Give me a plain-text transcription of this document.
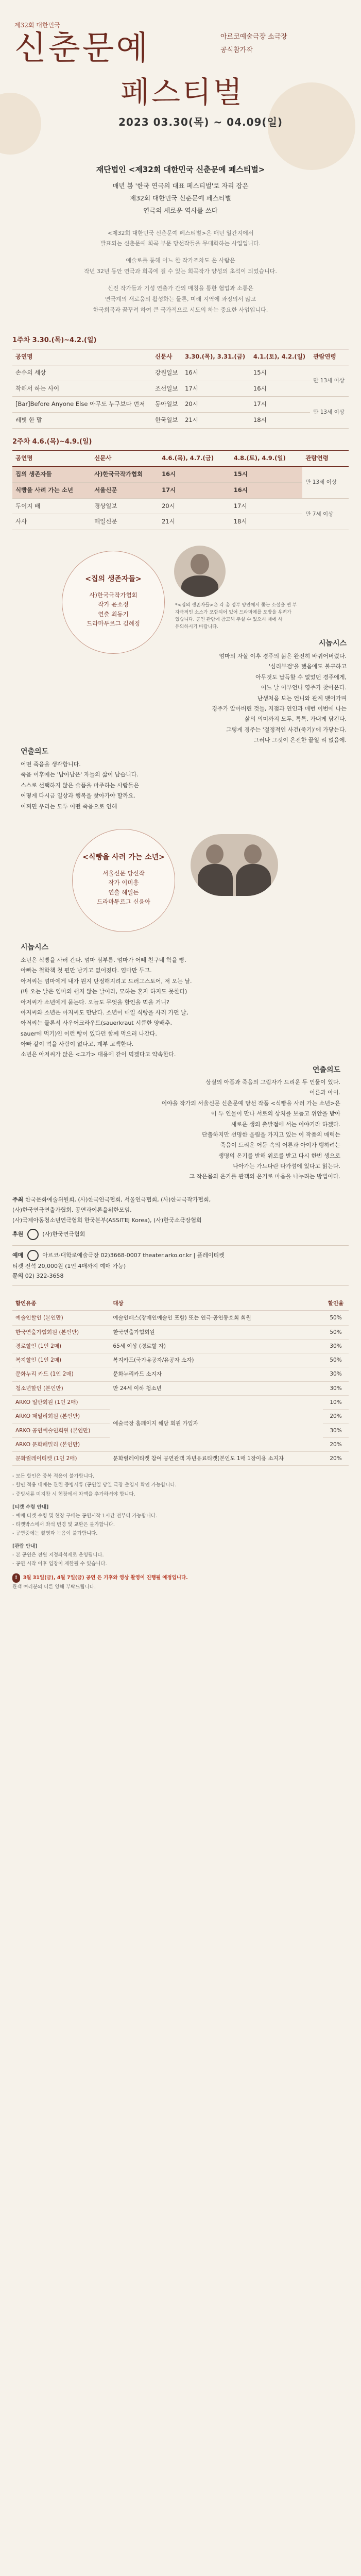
제32회 대한민국
신춘문예	아르코예술극장 소극장
공식참가작
페스티벌
2023 03.30(목) ~ 04.09(일)
재단법인 <제32회 대한민국 신춘문예 페스티벌>
매년 봄 '한국 연극의 대표 페스티벌'로 자리 잡은
제32회 대한민국 신춘문예 페스티벌
연극의 새로운 역사를 쓰다
<제32회 대한민국 신춘문예 페스티벌>은 매년 일간지에서
발표되는 신춘문예 희곡 부문 당선작들을 무대화하는 사업입니다.
예술로를 통해 어느 한 작가조차도 온 사람은
작년 32년 동안 연극과 희곡에 걸 수 있는 희곡작가 양성의 초석이 되었습니다.
신진 작가들과 기성 연출가 간의 매칭을 통한 협업과 소통은
연극계의 새로움의 활성화는 물론, 미래 지역에 과정의서 많고
한국희곡과 꿈꾸려 하여 큰 국가적으로 시도의 하는 중요한 사업입니다.
1주차 3.30.(목)~4.2.(일)
공연명	신문사	3.30.(목), 3.31.(금)	4.1.(토), 4.2.(일)	관람연령
손수의 세상	강원일보	16시	15시	만 13세 이상
착해서 하는 사이	조선일보	17시	16시	
[Bar]Before Anyone Else 아무도 누구보다 먼저	동아일보	20시	17시	만 13세 이상
레빗 한 말	한국일보	21시	18시	
2주차 4.6.(목)~4.9.(일)
공연명	신문사	4.6.(목), 4.7.(금)	4.8.(토), 4.9.(일)	관람연령
집의 생존자들	사)한국극작가협회	16시	15시	만 13세 이상
식빵을 사려 가는 소년	서울신문	17시	16시	
두이지 배	경상일보	20시	17시	만 7세 이상
사사	매일신문	21시	18시	
<집의 생존자들>
사)한국극작가협회
작가 윤소정
연출 최동기
드라마투르그 김혜정
*<집의 생존자들>은 각 총 정부 양안에서 쫓는 소설을 연 부
자극적인 소스가 포함되어 있어 드라마예를 포방을 우려가
있습니다. 공연 관람에 참고해 주실 수 있으시 때에 사
유의하시기 바랍니다.
시놉시스
엄마의 자살 이후 경주의 삶은 완전히 바뀌어버렸다.
'심리부검'을 했음에도 불구하고
아무것도 납득할 수 없었던 경주에게,
어느 날 이부언니 영주가 찾아온다.
난생처음 보는 언니와 관계 맺어가며
경주가 알아버린 것들, 지점과 연인과 매번 이번에 나는
삶의 의미까지 모두, 특특, 가내게 담긴다.
그렇게 경주는 '결정적인 사건(죽기)'에 가닿는다.
그러나 그것이 온전한 끝일 리 없음에.
연출의도
어떤 죽음을 생각합니다.
죽음 이후에는 '남아남은' 자들의 삶이 남습니다.
스스로 선택하지 않은 슬픔을 마주하는 사람들은
어떻게 다시금 일상과 행복을 찾아가야 할까요.
어쩌면 우리는 모두 어떤 죽음으로 인해
<식빵을 사려 가는 소년>
서울신문 당선작
작가 이미흥
연출 해일든
드라마투르그 신윤아
시놉시스
소년은 식빵을 사러 간다. 엄마 심부름. 엄마가 어빼 친구네 학을 빵.
아빠는 철학책 첫 편만 남기고 없어졌다. 엄마만 두고.
아저씨는 엄마에게 내가 뭔지 단정해지려고 드러그스토어, 저 오는 날.
(바 오는 날은 엄마의 쉽지 않는 날이라, 모하는 혼자 하지도 못한다)
아저씨가 소년에게 묻는다. 오늘도 무엇을 할인을 먹을 거니?
아저씨와 소년은 아저씨도 만난다. 소년이 매일 식빵을 사러 가던 날,
아저씨는 물론서 사우어크라우트(sauerkraut 시큼한 양배추,
sauer에 먹기)인 이런 빵이 있다던 함께 먹으러 나간다.
아빠 같이 먹을 사람이 없다고, 계부 고백한다.
소년은 아저씨가 앉은 <그가> 대용에 같이 먹겠다고 약속한다.
연출의도
상실의 아픔과 죽음의 그림자가 드리운 두 인물이 있다.
어른과 아이.
이야을 작가의 서울신문 신춘문예 당선 작품 <식빵을 사러 가는 소년>은
이 두 인물이 만나 서로의 상처를 보듬고 위안을 받아
새로운 생의 출발점에 서는 이야기라 하겠다.
단출하지만 선명한 울림을 가지고 있는 이 작품의 매력는
죽음이 드리운 어둠 속의 어른과 아이가 행하려는
생명의 온기를 받해 위로를 받고 다시 한번 생으로
나아가는 가느다란 다가섬에 있다고 읽는다.
그 작은몸의 온기를 관객의 온기로 마음을 나누려는 방법이다.
주최 한국문화예술위원회, (사)한국연극협회, 서울연극협회, (사)한국극작가협회,
(사)한국연극연출가협회, 공연과이론을위한모임,
(사)국제아동청소년연극협회 한국본부(ASSITEJ Korea), (사)한국소극장협회
후원	(사)한국연극협회
예매	아르코·대학로예술극장 02)3668-0007 theater.arko.or.kr | 플레이티켓
티켓 전석 20,000원 (1인 4매까지 예매 가능)
문의 02) 322-3658
할인유종	대상	할인율
예술인할인 (본인만)	예술인패스(장애인예술인 포함) 또는 연극·공연동호회 회원	50%
한국연출가협회원 (본인만)	한국연출가협회원	50%
경로할인 (1인 2매)	65세 이상 (경로할 자)	30%
복지할인 (1인 2매)	복지카드(국가유공자/유공자 소자)	50%
문화누리 카드 (1인 2매)	문화누리카드 소지자	30%
청소년할인 (본인만)	만 24세 이하 청소년	30%
ARKO 일반회원 (1인 2매)	예술극장 홈페이지 해당 회원 가입자	10%
ARKO 패밀리회원 (본인만)		20%
ARKO 공연예술인회원 (본인만)		30%
ARKO 문화패밀리 (본인만)		20%
문화릴레이티켓 (1인 2매)	문화릴레이티켓 참여 공연관객 자년유료티켓(본인도 1매 1장이용 소지자	20%
- 모든 할인은 중복 적용이 불가합니다.
- 할인 적용 대에는 관련 증빙서류 (공연일 당일 극장 출입시 확인 가능합니다.
- 증빙서류 미지참 시 현장에서 차액을 추가하셔야 합니다.
[티켓 수령 안내]
- 예매 티켓 수령 및 현장 구매는 공연시작 1시간 전부터 가능합니다.
- 티켓박스에서 좌석 변경 및 교환은 불가합니다.
- 공연중에는 촬영과 녹음이 불가합니다.
[관람 안내]
- 본 공연은 전원 지정좌석제로 운영됩니다.
- 공연 시작 이후 입장이 제한될 수 있습니다.
! 3월 31일(금), 4월 7일(금) 공연 은 기후와 영상 촬영이 진행될 예정입니다.
관객 여러분의 너른 양해 부탁드립니다.
